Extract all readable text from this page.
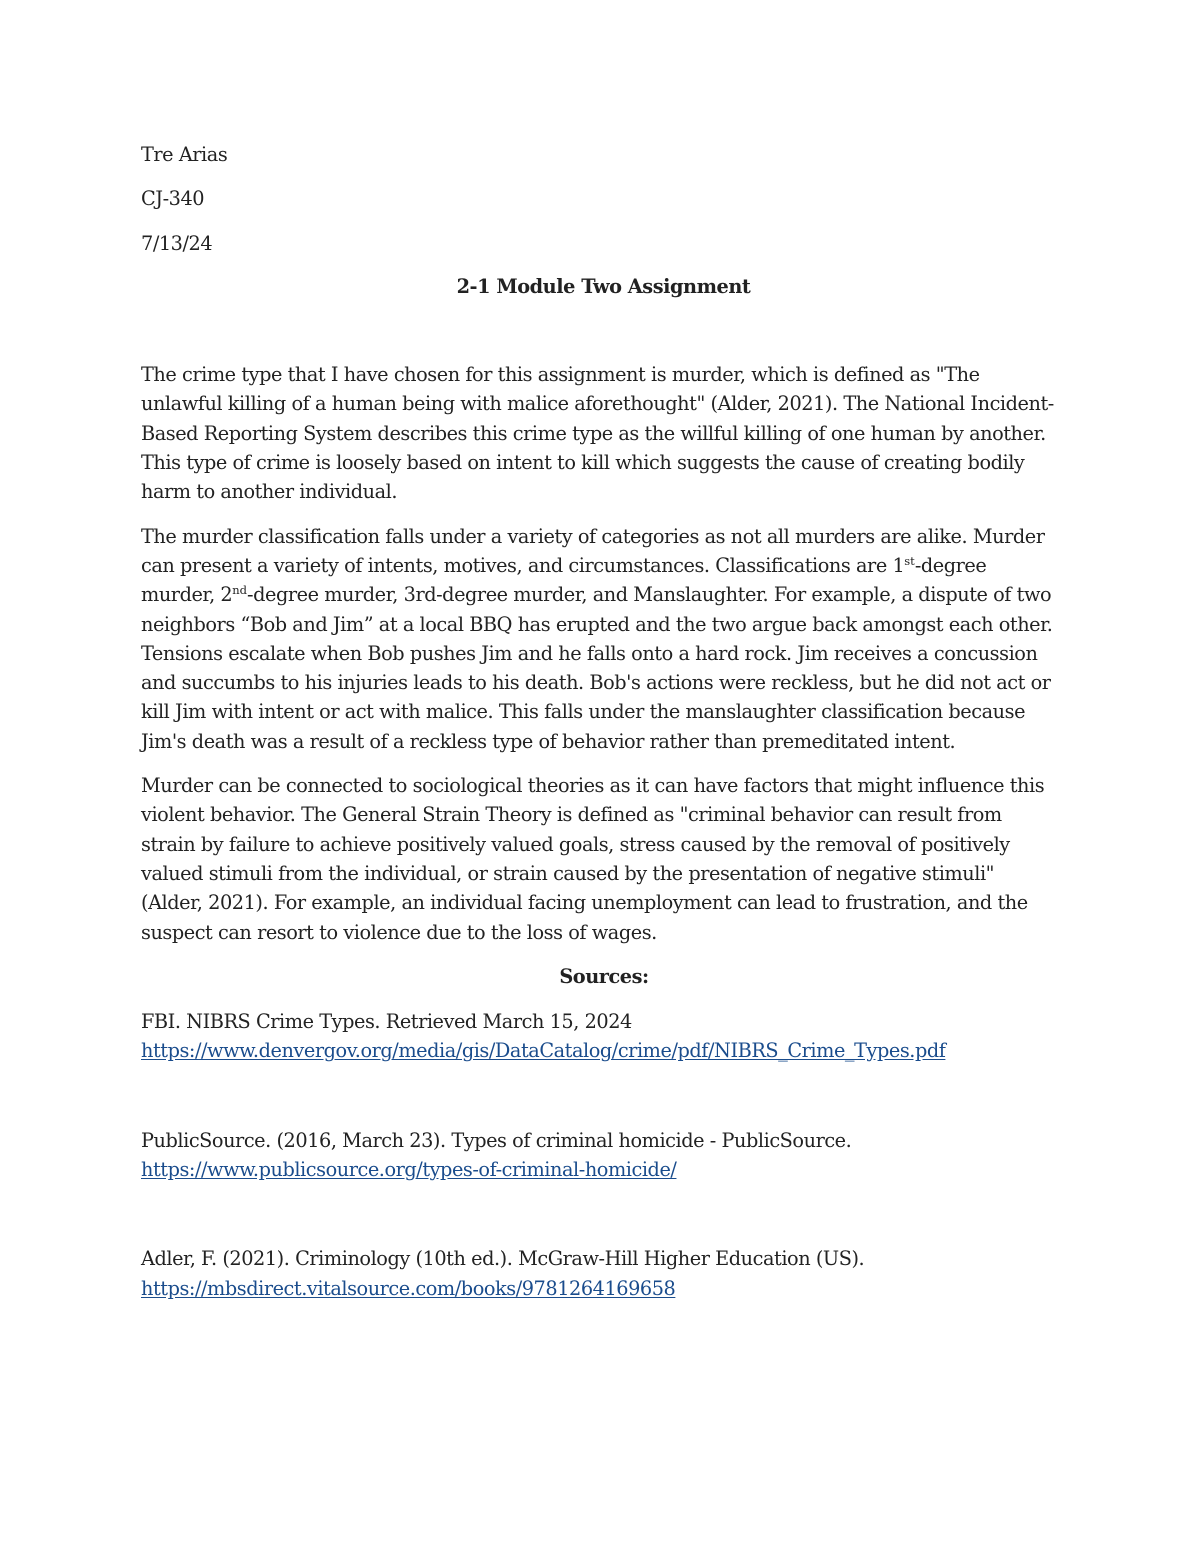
Tre Arias
CJ-340
7/13/24
2-1 Module Two Assignment

The crime type that I have chosen for this assignment is murder, which is defined as "The unlawful killing of a human being with malice aforethought" (Alder, 2021). The National Incident-Based Reporting System describes this crime type as the willful killing of one human by another. This type of crime is loosely based on intent to kill which suggests the cause of creating bodily harm to another individual.

The murder classification falls under a variety of categories as not all murders are alike. Murder can present a variety of intents, motives, and circumstances. Classifications are 1st-degree murder, 2nd-degree murder, 3rd-degree murder, and Manslaughter. For example, a dispute of two neighbors “Bob and Jim” at a local BBQ has erupted and the two argue back amongst each other. Tensions escalate when Bob pushes Jim and he falls onto a hard rock. Jim receives a concussion and succumbs to his injuries leads to his death. Bob's actions were reckless, but he did not act or kill Jim with intent or act with malice. This falls under the manslaughter classification because Jim's death was a result of a reckless type of behavior rather than premeditated intent.

Murder can be connected to sociological theories as it can have factors that might influence this violent behavior. The General Strain Theory is defined as "criminal behavior can result from strain by failure to achieve positively valued goals, stress caused by the removal of positively valued stimuli from the individual, or strain caused by the presentation of negative stimuli" (Alder, 2021). For example, an individual facing unemployment can lead to frustration, and the suspect can resort to violence due to the loss of wages.

Sources:
FBI. NIBRS Crime Types. Retrieved March 15, 2024
https://www.denvergov.org/media/gis/DataCatalog/crime/pdf/NIBRS_Crime_Types.pdf
PublicSource. (2016, March 23). Types of criminal homicide - PublicSource.
https://www.publicsource.org/types-of-criminal-homicide/
Adler, F. (2021). Criminology (10th ed.). McGraw-Hill Higher Education (US).
https://mbsdirect.vitalsource.com/books/9781264169658
